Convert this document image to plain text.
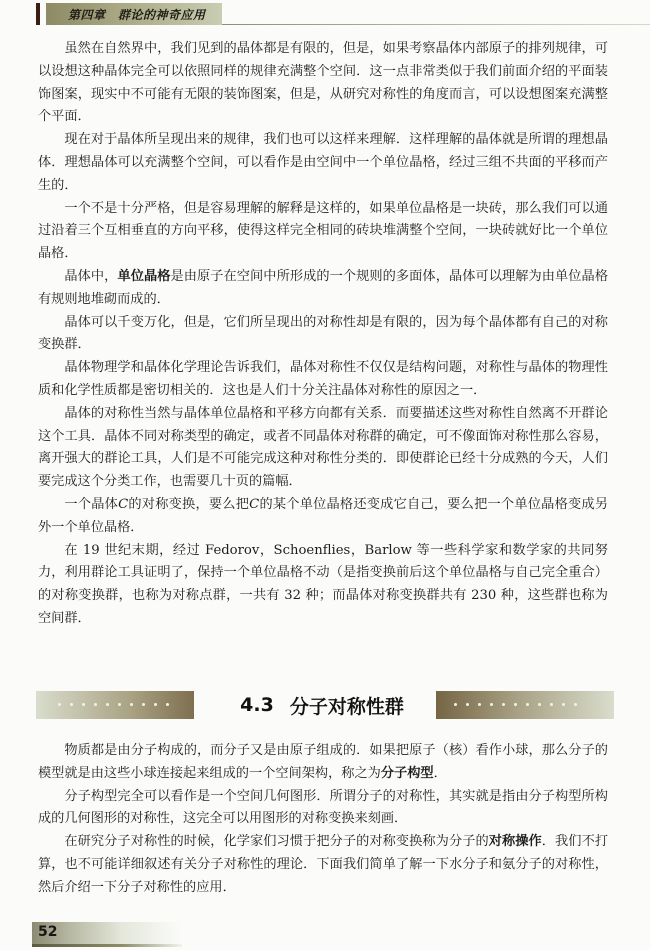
第四章　群论的神奇应用

虽然在自然界中，我们见到的晶体都是有限的，但是，如果考察晶体内部原子的排列规律，可以设想这种晶体完全可以依照同样的规律充满整个空间．这一点非常类似于我们前面介绍的平面装饰图案，现实中不可能有无限的装饰图案，但是，从研究对称性的角度而言，可以设想图案充满整个平面．

现在对于晶体所呈现出来的规律，我们也可以这样来理解．这样理解的晶体就是所谓的理想晶体．理想晶体可以充满整个空间，可以看作是由空间中一个单位晶格，经过三组不共面的平移而产生的．

一个不是十分严格，但是容易理解的解释是这样的，如果单位晶格是一块砖，那么我们可以通过沿着三个互相垂直的方向平移，使得这样完全相同的砖块堆满整个空间，一块砖就好比一个单位晶格．

晶体中，单位晶格是由原子在空间中所形成的一个规则的多面体，晶体可以理解为由单位晶格有规则地堆砌而成的．

晶体可以千变万化，但是，它们所呈现出的对称性却是有限的，因为每个晶体都有自己的对称变换群．

晶体物理学和晶体化学理论告诉我们，晶体对称性不仅仅是结构问题，对称性与晶体的物理性质和化学性质都是密切相关的．这也是人们十分关注晶体对称性的原因之一．

晶体的对称性当然与晶体单位晶格和平移方向都有关系．而要描述这些对称性自然离不开群论这个工具．晶体不同对称类型的确定，或者不同晶体对称群的确定，可不像面饰对称性那么容易，离开强大的群论工具，人们是不可能完成这种对称性分类的．即使群论已经十分成熟的今天，人们要完成这个分类工作，也需要几十页的篇幅．

一个晶体C的对称变换，要么把C的某个单位晶格还变成它自己，要么把一个单位晶格变成另外一个单位晶格．

在 19 世纪末期，经过 Fedorov，Schoenflies，Barlow 等一些科学家和数学家的共同努力，利用群论工具证明了，保持一个单位晶格不动（是指变换前后这个单位晶格与自己完全重合）的对称变换群，也称为对称点群，一共有 32 种；而晶体对称变换群共有 230 种，这些群也称为空间群．

4.3 分子对称性群

物质都是由分子构成的，而分子又是由原子组成的．如果把原子（核）看作小球，那么分子的模型就是由这些小球连接起来组成的一个空间架构，称之为分子构型．

分子构型完全可以看作是一个空间几何图形．所谓分子的对称性，其实就是指由分子构型所构成的几何图形的对称性，这完全可以用图形的对称变换来刻画．

在研究分子对称性的时候，化学家们习惯于把分子的对称变换称为分子的对称操作．我们不打算，也不可能详细叙述有关分子对称性的理论．下面我们简单了解一下水分子和氨分子的对称性，然后介绍一下分子对称性的应用．

52
